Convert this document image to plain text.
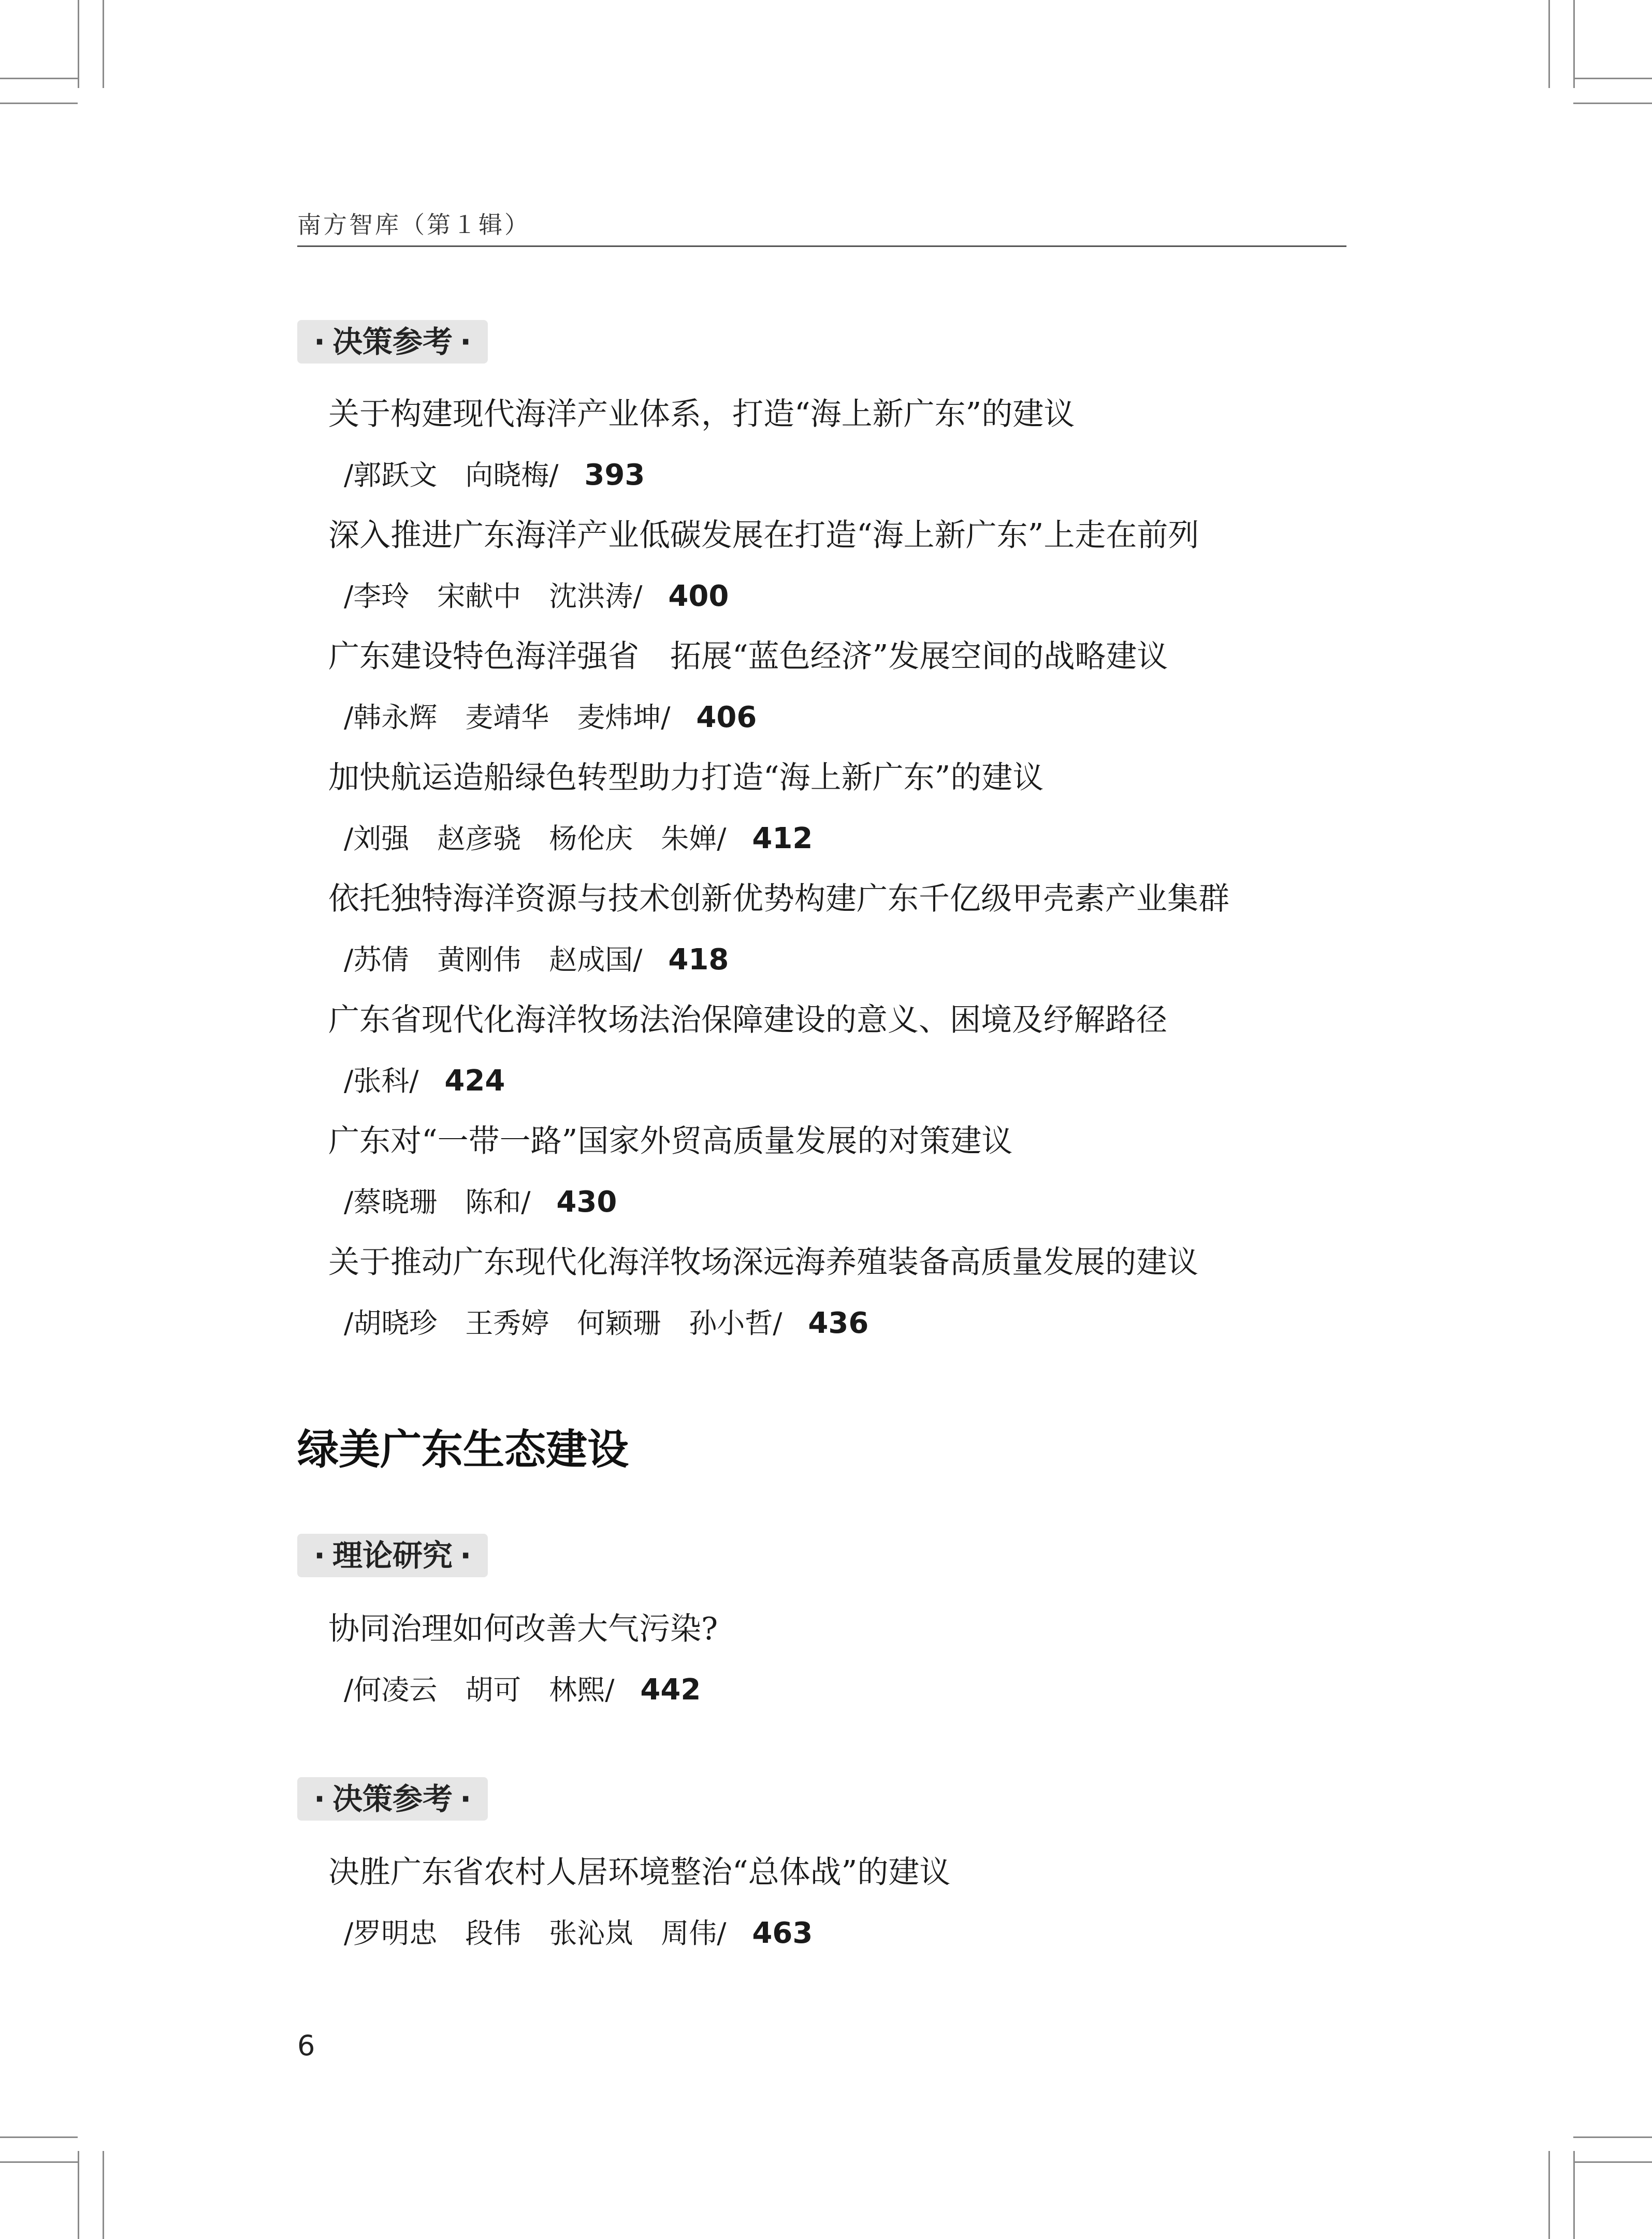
南方智库（第１辑）
· 决策参考 ·
关于构建现代海洋产业体系，打造“海上新广东”的建议
/郭跃文　向晓梅/ 393
深入推进广东海洋产业低碳发展在打造“海上新广东”上走在前列
/李玲　宋献中　沈洪涛/ 400
广东建设特色海洋强省　拓展“蓝色经济”发展空间的战略建议
/韩永辉　麦靖华　麦炜坤/ 406
加快航运造船绿色转型助力打造“海上新广东”的建议
/刘强　赵彦骁　杨伦庆　朱婵/ 412
依托独特海洋资源与技术创新优势构建广东千亿级甲壳素产业集群
/苏倩　黄刚伟　赵成国/ 418
广东省现代化海洋牧场法治保障建设的意义、困境及纾解路径
/张科/ 424
广东对“一带一路”国家外贸高质量发展的对策建议
/蔡晓珊　陈和/ 430
关于推动广东现代化海洋牧场深远海养殖装备高质量发展的建议
/胡晓珍　王秀婷　何颖珊　孙小哲/ 436
绿美广东生态建设
· 理论研究 ·
协同治理如何改善大气污染?
/何凌云　胡可　林熙/ 442
· 决策参考 ·
决胜广东省农村人居环境整治“总体战”的建议
/罗明忠　段伟　张沁岚　周伟/ 463
6
